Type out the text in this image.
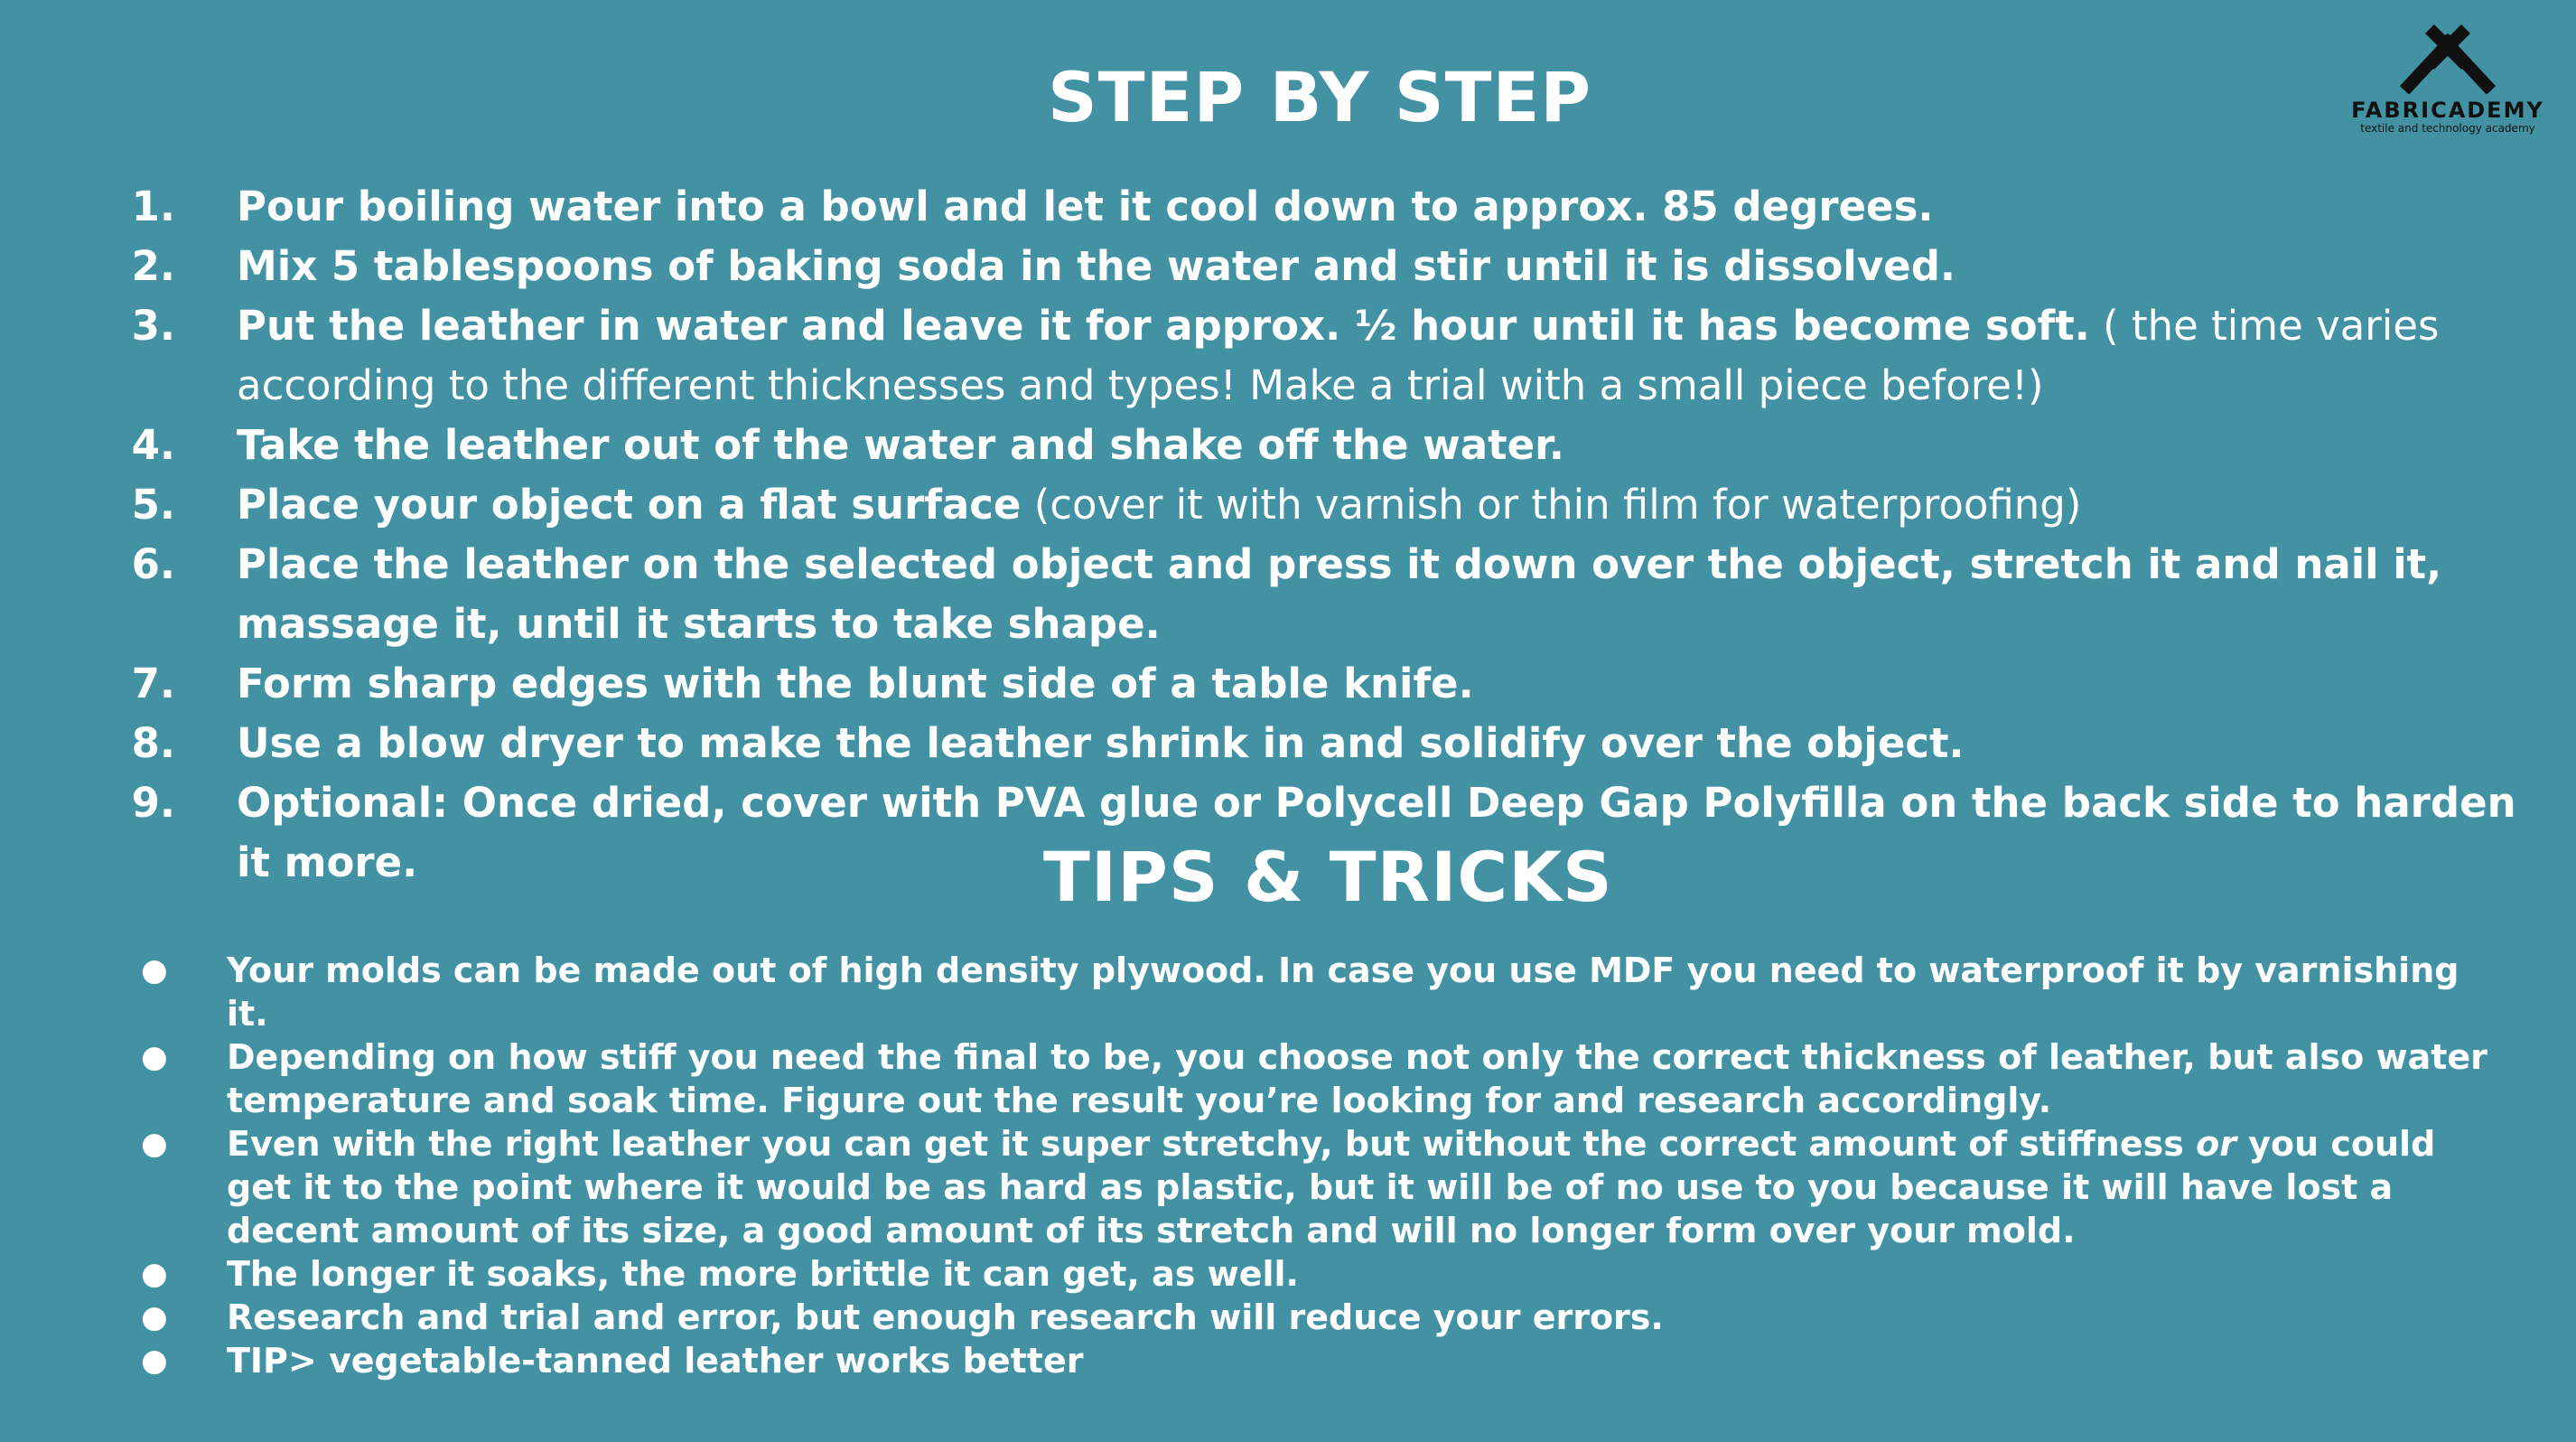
STEP BY STEP	FABRICADEMY
textile and technology academy
1. Pour boiling water into a bowl and let it cool down to approx. 85 degrees.
2. Mix 5 tablespoons of baking soda in the water and stir until it is dissolved.
3. Put the leather in water and leave it for approx. ½ hour until it has become soft. ( the time varies according to the different thicknesses and types! Make a trial with a small piece before!)
4. Take the leather out of the water and shake off the water.
5. Place your object on a flat surface (cover it with varnish or thin film for waterproofing)
6. Place the leather on the selected object and press it down over the object, stretch it and nail it, massage it, until it starts to take shape.
7. Form sharp edges with the blunt side of a table knife.
8. Use a blow dryer to make the leather shrink in and solidify over the object.
9. Optional: Once dried, cover with PVA glue or Polycell Deep Gap Polyfilla on the back side to harden it more.	TIPS & TRICKS
● Your molds can be made out of high density plywood. In case you use MDF you need to waterproof it by varnishing it.
● Depending on how stiff you need the final to be, you choose not only the correct thickness of leather, but also water temperature and soak time. Figure out the result you’re looking for and research accordingly.
● Even with the right leather you can get it super stretchy, but without the correct amount of stiffness or you could get it to the point where it would be as hard as plastic, but it will be of no use to you because it will have lost a decent amount of its size, a good amount of its stretch and will no longer form over your mold.
● The longer it soaks, the more brittle it can get, as well.
● Research and trial and error, but enough research will reduce your errors.
● TIP> vegetable-tanned leather works better
